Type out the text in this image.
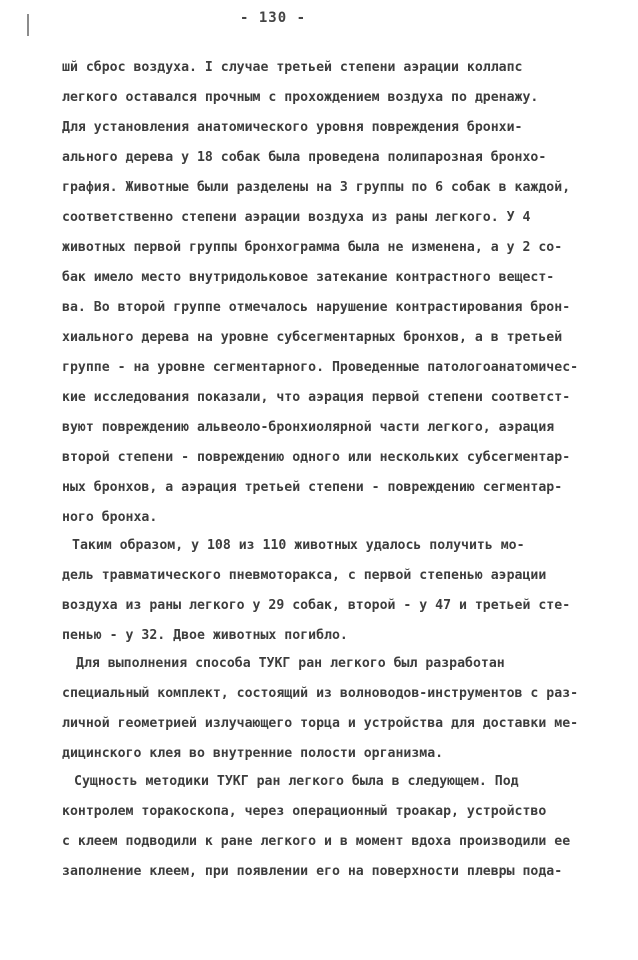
- 130 -
шй сброс воздуха. I случае третьей степени аэрации коллапс
легкого оставался прочным с прохождением воздуха по дренажу.
Для установления анатомического уровня повреждения бронхи-
ального дерева у 18 собак была проведена полипарозная бронхо-
графия. Животные были разделены на 3 группы по 6 собак в каждой,
соответственно степени аэрации воздуха из раны легкого. У 4
животных первой группы бронхограмма была не изменена, а у 2 со-
бак имело место внутридольковое затекание контрастного вещест-
ва. Во второй группе отмечалось нарушение контрастирования брон-
хиального дерева на уровне субсегментарных бронхов, а в третьей
группе - на уровне сегментарного. Проведенные патологоанатомичес-
кие исследования показали, что аэрация первой степени соответст-
вуют повреждению альвеоло-бронхиолярной части легкого, аэрация
второй степени - повреждению одного или нескольких субсегментар-
ных бронхов, а аэрация третьей степени - повреждению сегментар-
ного бронха.
Таким образом, у 108 из 110 животных удалось получить мо-
дель травматического пневмоторакса, с первой степенью аэрации
воздуха из раны легкого у 29 собак, второй - у 47 и третьей сте-
пенью - у 32. Двое животных погибло.
Для выполнения способа ТУКГ ран легкого был разработан
специальный комплект, состоящий из волноводов-инструментов с раз-
личной геометрией излучающего торца и устройства для доставки ме-
дицинского клея во внутренние полости организма.
Сущность методики ТУКГ ран легкого была в следующем. Под
контролем торакоскопа, через операционный троакар, устройство
с клеем подводили к ране легкого и в момент вдоха производили ее
заполнение клеем, при появлении его на поверхности плевры пода-
